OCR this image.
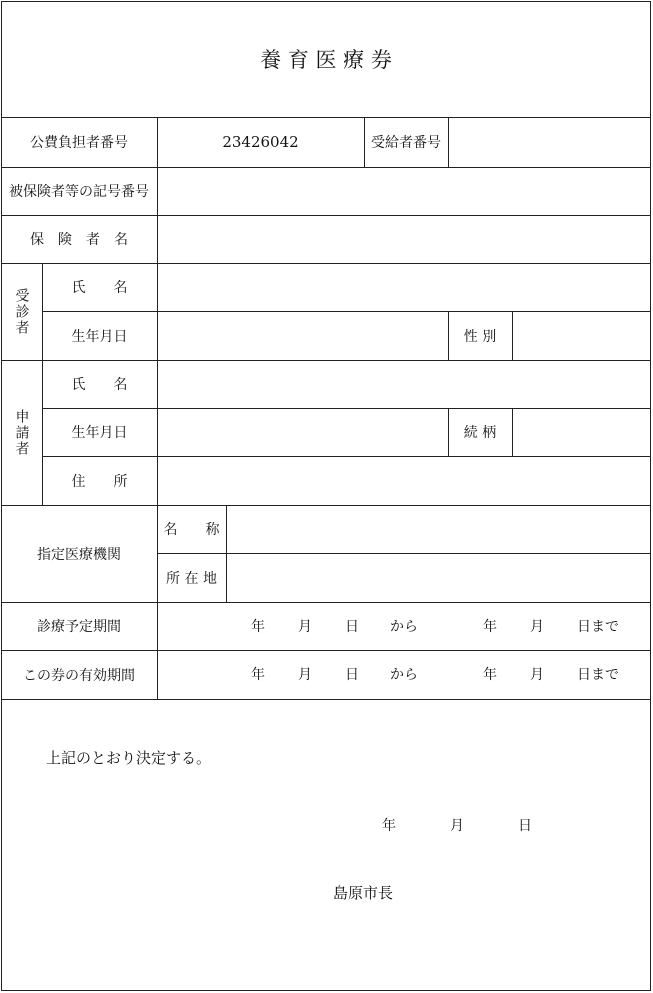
養 育 医 療 券
公費負担者番号	23426042	受給者番号
被保険者等の記号番号
保　険　者　名
受診者	氏　　名
生年月日	性 別
申請者
氏　　名
生年月日	続 柄
住　　所
指定医療機関
名　　称
所 在 地
診療予定期間	年 月 日 から	年 月 日まで
この券の有効期間	年 月 日 から	年 月 日まで
上記のとおり決定する。
年	月	日
島原市長
